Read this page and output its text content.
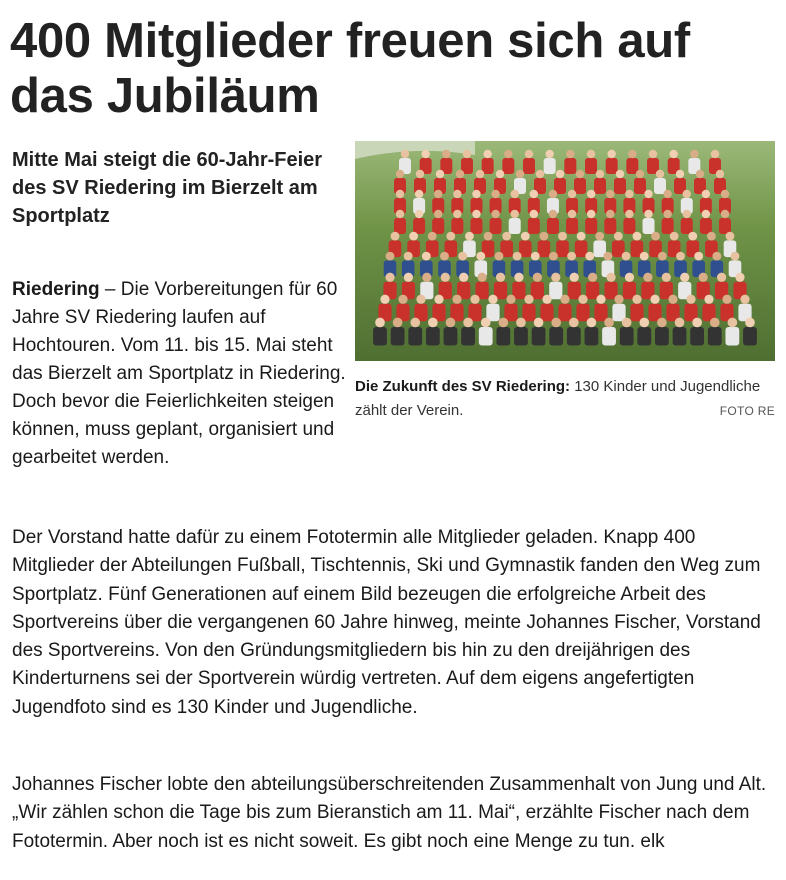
400 Mitglieder freuen sich auf das Jubiläum
Mitte Mai steigt die 60-Jahr-Feier des SV Riedering im Bierzelt am Sportplatz
Die Zukunft des SV Riedering: 130 Kinder und Jugendliche zählt der Verein.	FOTO RE

Riedering – Die Vorbereitungen für 60 Jahre SV Riedering laufen auf Hochtouren. Vom 11. bis 15. Mai steht das Bierzelt am Sportplatz in Riedering. Doch bevor die Feierlichkeiten steigen können, muss geplant, organisiert und gearbeitet werden.

Der Vorstand hatte dafür zu einem Fototermin alle Mitglieder geladen. Knapp 400 Mitglieder der Abteilungen Fußball, Tischtennis, Ski und Gymnastik fanden den Weg zum Sportplatz. Fünf Generationen auf einem Bild bezeugen die erfolgreiche Arbeit des Sportvereins über die vergangenen 60 Jahre hinweg, meinte Johannes Fischer, Vorstand des Sportvereins. Von den Gründungsmitgliedern bis hin zu den dreijährigen des Kinderturnens sei der Sportverein würdig vertreten. Auf dem eigens angefertigten Jugendfoto sind es 130 Kinder und Jugendliche.

Johannes Fischer lobte den abteilungsüberschreitenden Zusammenhalt von Jung und Alt. „Wir zählen schon die Tage bis zum Bieranstich am 11. Mai“, erzählte Fischer nach dem Fototermin. Aber noch ist es nicht soweit. Es gibt noch eine Menge zu tun. elk
